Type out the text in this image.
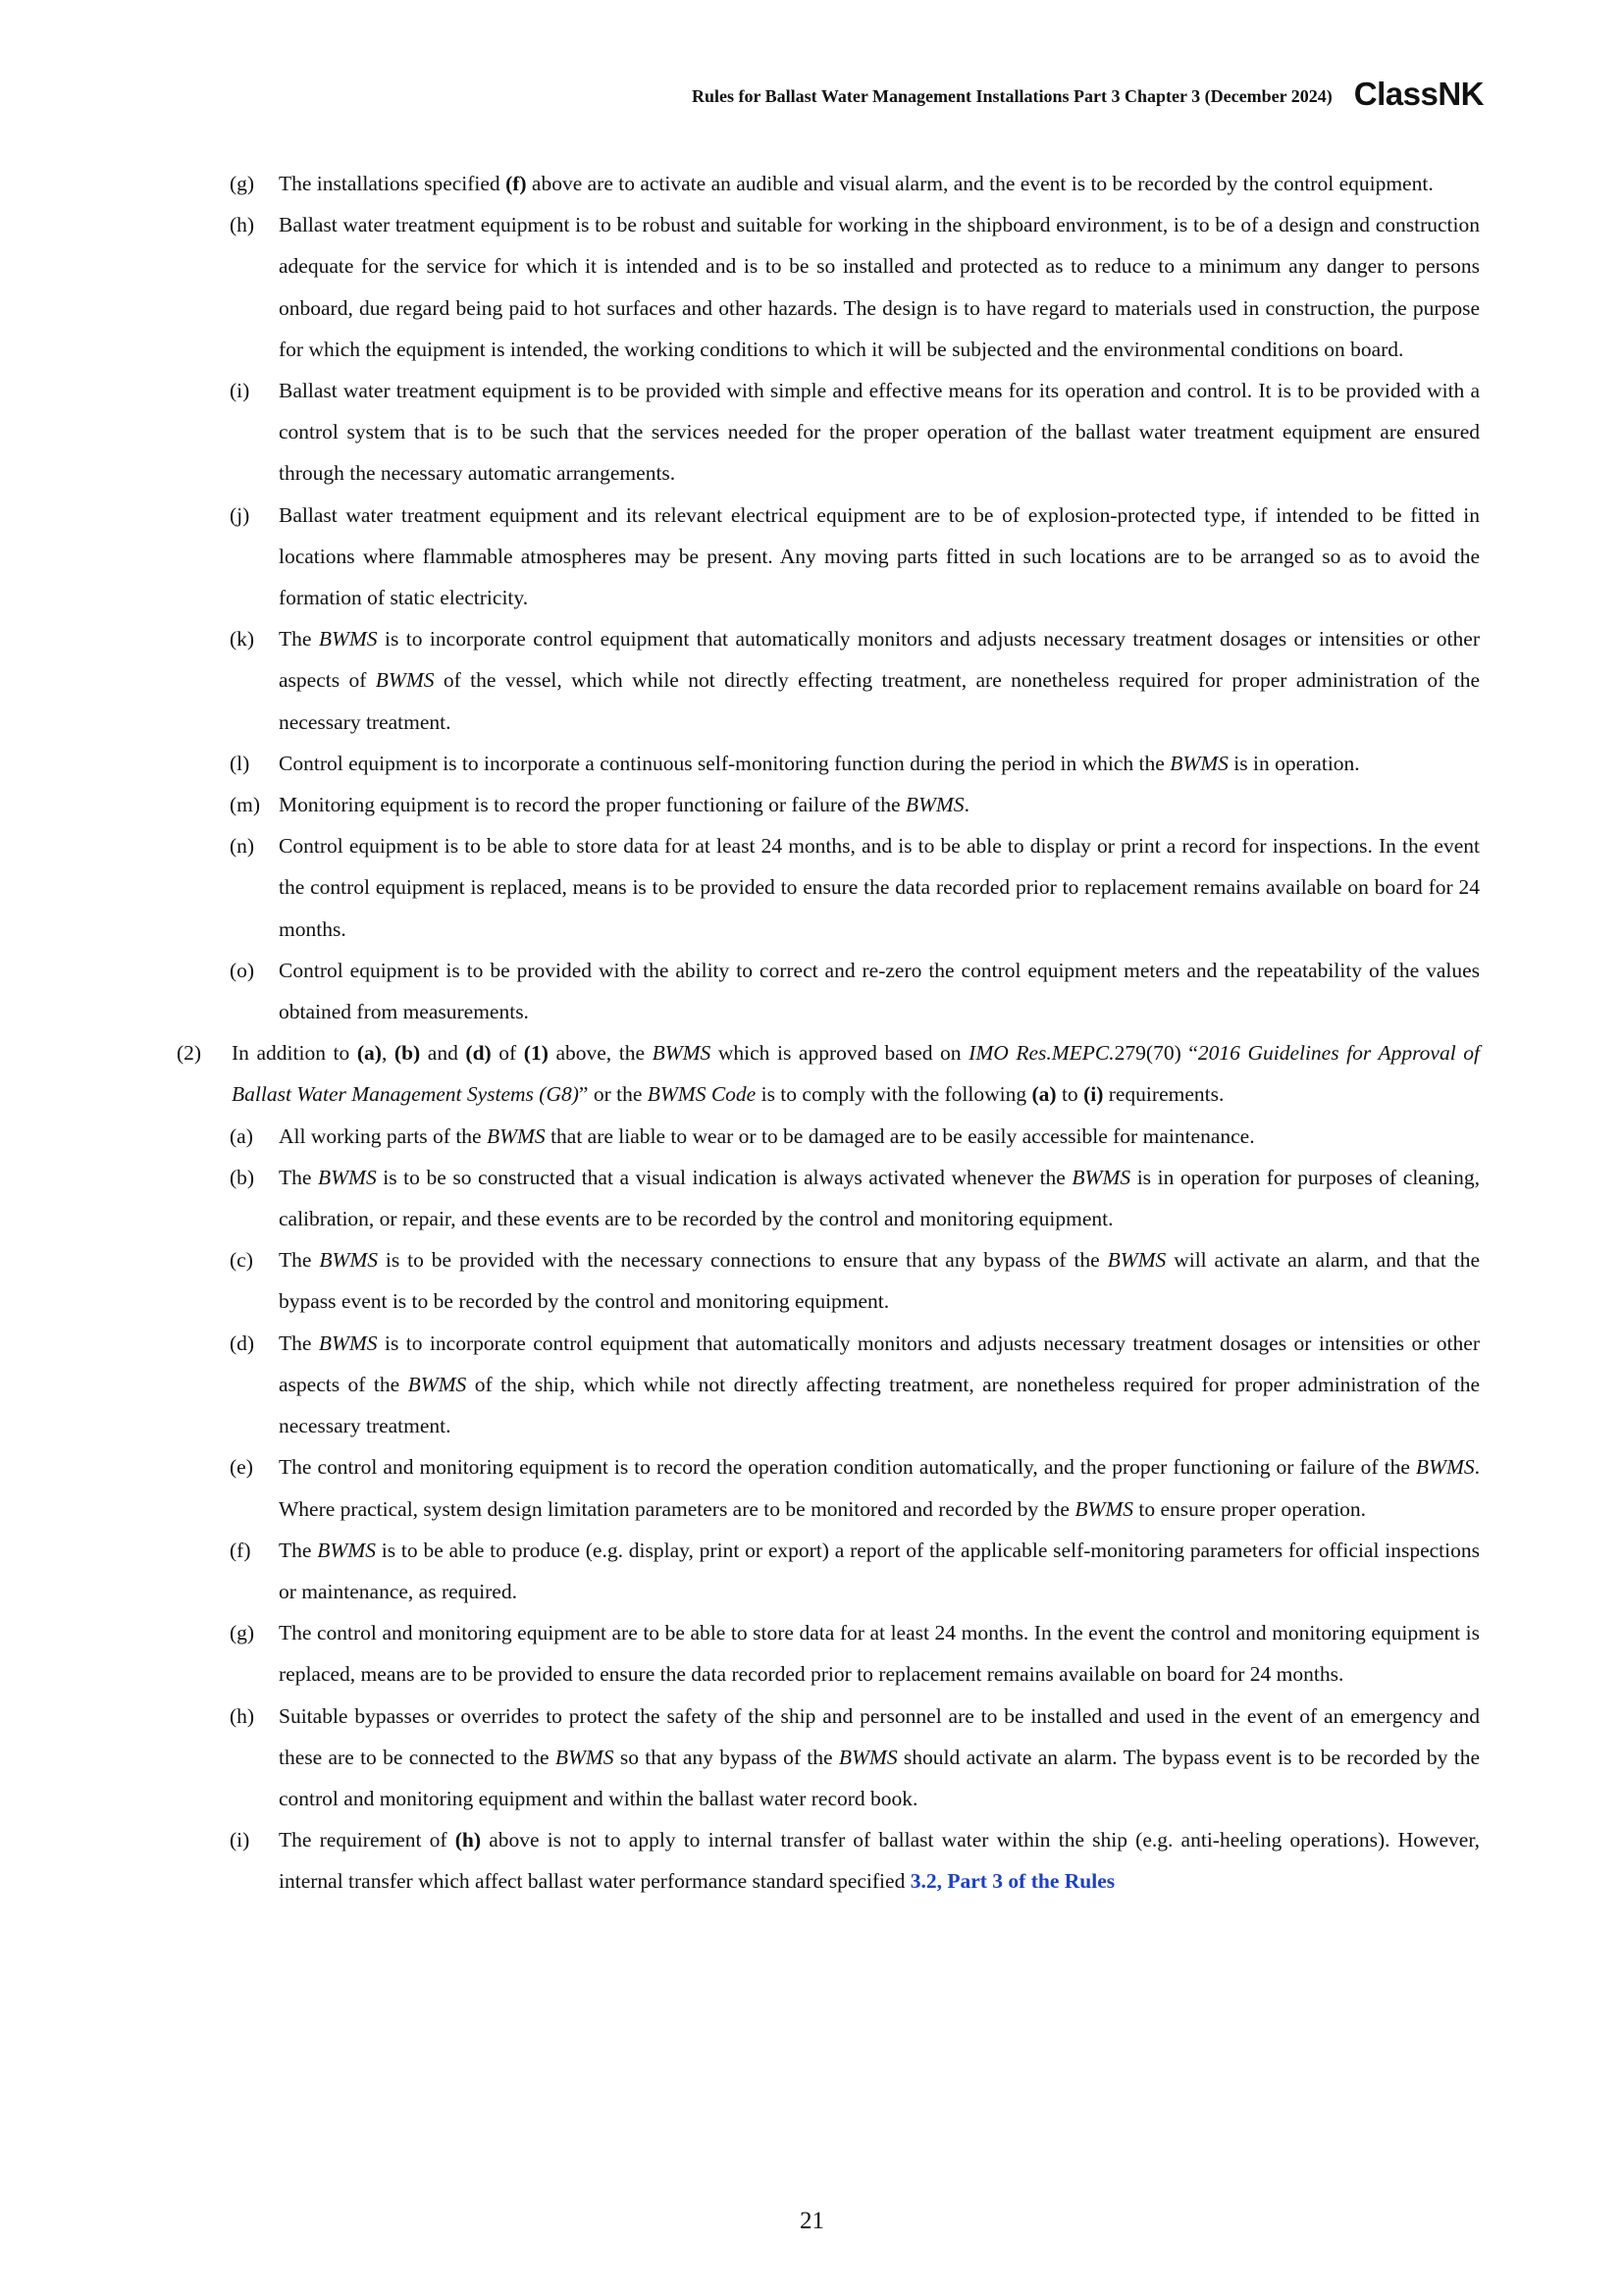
Rules for Ballast Water Management Installations Part 3 Chapter 3 (December 2024) ClassNK
(g) The installations specified (f) above are to activate an audible and visual alarm, and the event is to be recorded by the control equipment.
(h) Ballast water treatment equipment is to be robust and suitable for working in the shipboard environment, is to be of a design and construction adequate for the service for which it is intended and is to be so installed and protected as to reduce to a minimum any danger to persons onboard, due regard being paid to hot surfaces and other hazards. The design is to have regard to materials used in construction, the purpose for which the equipment is intended, the working conditions to which it will be subjected and the environmental conditions on board.
(i) Ballast water treatment equipment is to be provided with simple and effective means for its operation and control. It is to be provided with a control system that is to be such that the services needed for the proper operation of the ballast water treatment equipment are ensured through the necessary automatic arrangements.
(j) Ballast water treatment equipment and its relevant electrical equipment are to be of explosion-protected type, if intended to be fitted in locations where flammable atmospheres may be present. Any moving parts fitted in such locations are to be arranged so as to avoid the formation of static electricity.
(k) The BWMS is to incorporate control equipment that automatically monitors and adjusts necessary treatment dosages or intensities or other aspects of BWMS of the vessel, which while not directly effecting treatment, are nonetheless required for proper administration of the necessary treatment.
(l) Control equipment is to incorporate a continuous self-monitoring function during the period in which the BWMS is in operation.
(m) Monitoring equipment is to record the proper functioning or failure of the BWMS.
(n) Control equipment is to be able to store data for at least 24 months, and is to be able to display or print a record for inspections. In the event the control equipment is replaced, means is to be provided to ensure the data recorded prior to replacement remains available on board for 24 months.
(o) Control equipment is to be provided with the ability to correct and re-zero the control equipment meters and the repeatability of the values obtained from measurements.
(2) In addition to (a), (b) and (d) of (1) above, the BWMS which is approved based on IMO Res.MEPC.279(70) “2016 Guidelines for Approval of Ballast Water Management Systems (G8)” or the BWMS Code is to comply with the following (a) to (i) requirements.
(a) All working parts of the BWMS that are liable to wear or to be damaged are to be easily accessible for maintenance.
(b) The BWMS is to be so constructed that a visual indication is always activated whenever the BWMS is in operation for purposes of cleaning, calibration, or repair, and these events are to be recorded by the control and monitoring equipment.
(c) The BWMS is to be provided with the necessary connections to ensure that any bypass of the BWMS will activate an alarm, and that the bypass event is to be recorded by the control and monitoring equipment.
(d) The BWMS is to incorporate control equipment that automatically monitors and adjusts necessary treatment dosages or intensities or other aspects of the BWMS of the ship, which while not directly affecting treatment, are nonetheless required for proper administration of the necessary treatment.
(e) The control and monitoring equipment is to record the operation condition automatically, and the proper functioning or failure of the BWMS. Where practical, system design limitation parameters are to be monitored and recorded by the BWMS to ensure proper operation.
(f) The BWMS is to be able to produce (e.g. display, print or export) a report of the applicable self-monitoring parameters for official inspections or maintenance, as required.
(g) The control and monitoring equipment are to be able to store data for at least 24 months. In the event the control and monitoring equipment is replaced, means are to be provided to ensure the data recorded prior to replacement remains available on board for 24 months.
(h) Suitable bypasses or overrides to protect the safety of the ship and personnel are to be installed and used in the event of an emergency and these are to be connected to the BWMS so that any bypass of the BWMS should activate an alarm. The bypass event is to be recorded by the control and monitoring equipment and within the ballast water record book.
(i) The requirement of (h) above is not to apply to internal transfer of ballast water within the ship (e.g. anti-heeling operations). However, internal transfer which affect ballast water performance standard specified 3.2, Part 3 of the Rules
21
